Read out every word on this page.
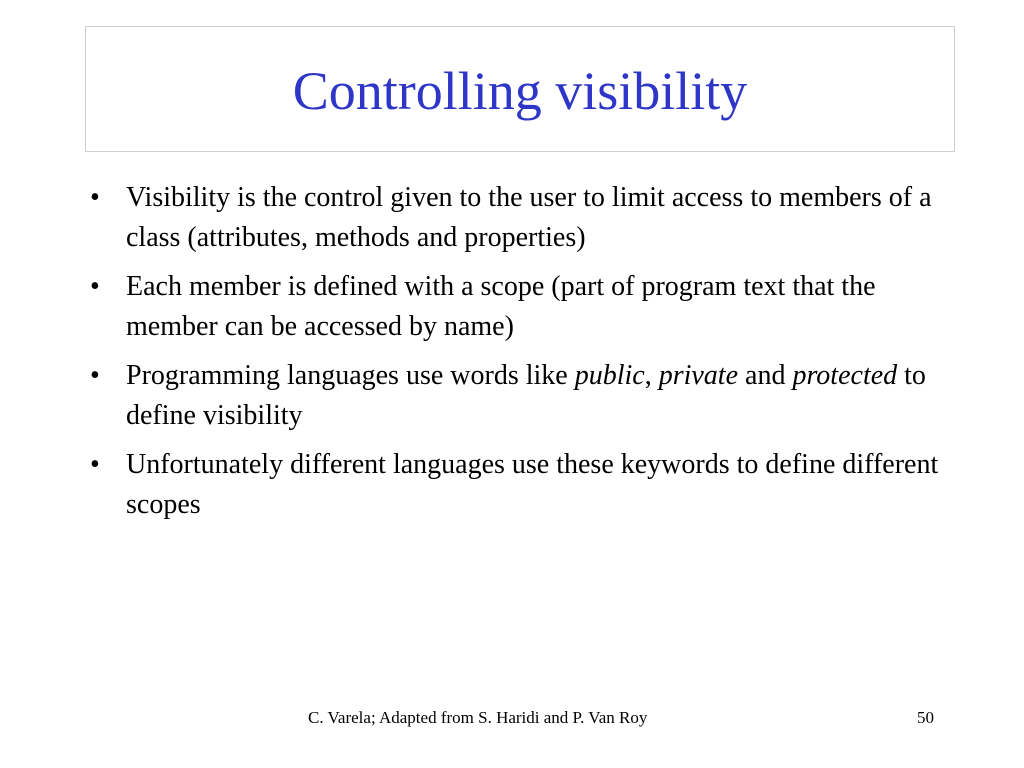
Controlling visibility
• Visibility is the control given to the user to limit access to members of a class (attributes, methods and properties)
• Each member is defined with a scope (part of program text that the member can be accessed by name)
• Programming languages use words like public, private and protected to define visibility
• Unfortunately different languages use these keywords to define different scopes
C. Varela; Adapted from S. Haridi and P. Van Roy	50
